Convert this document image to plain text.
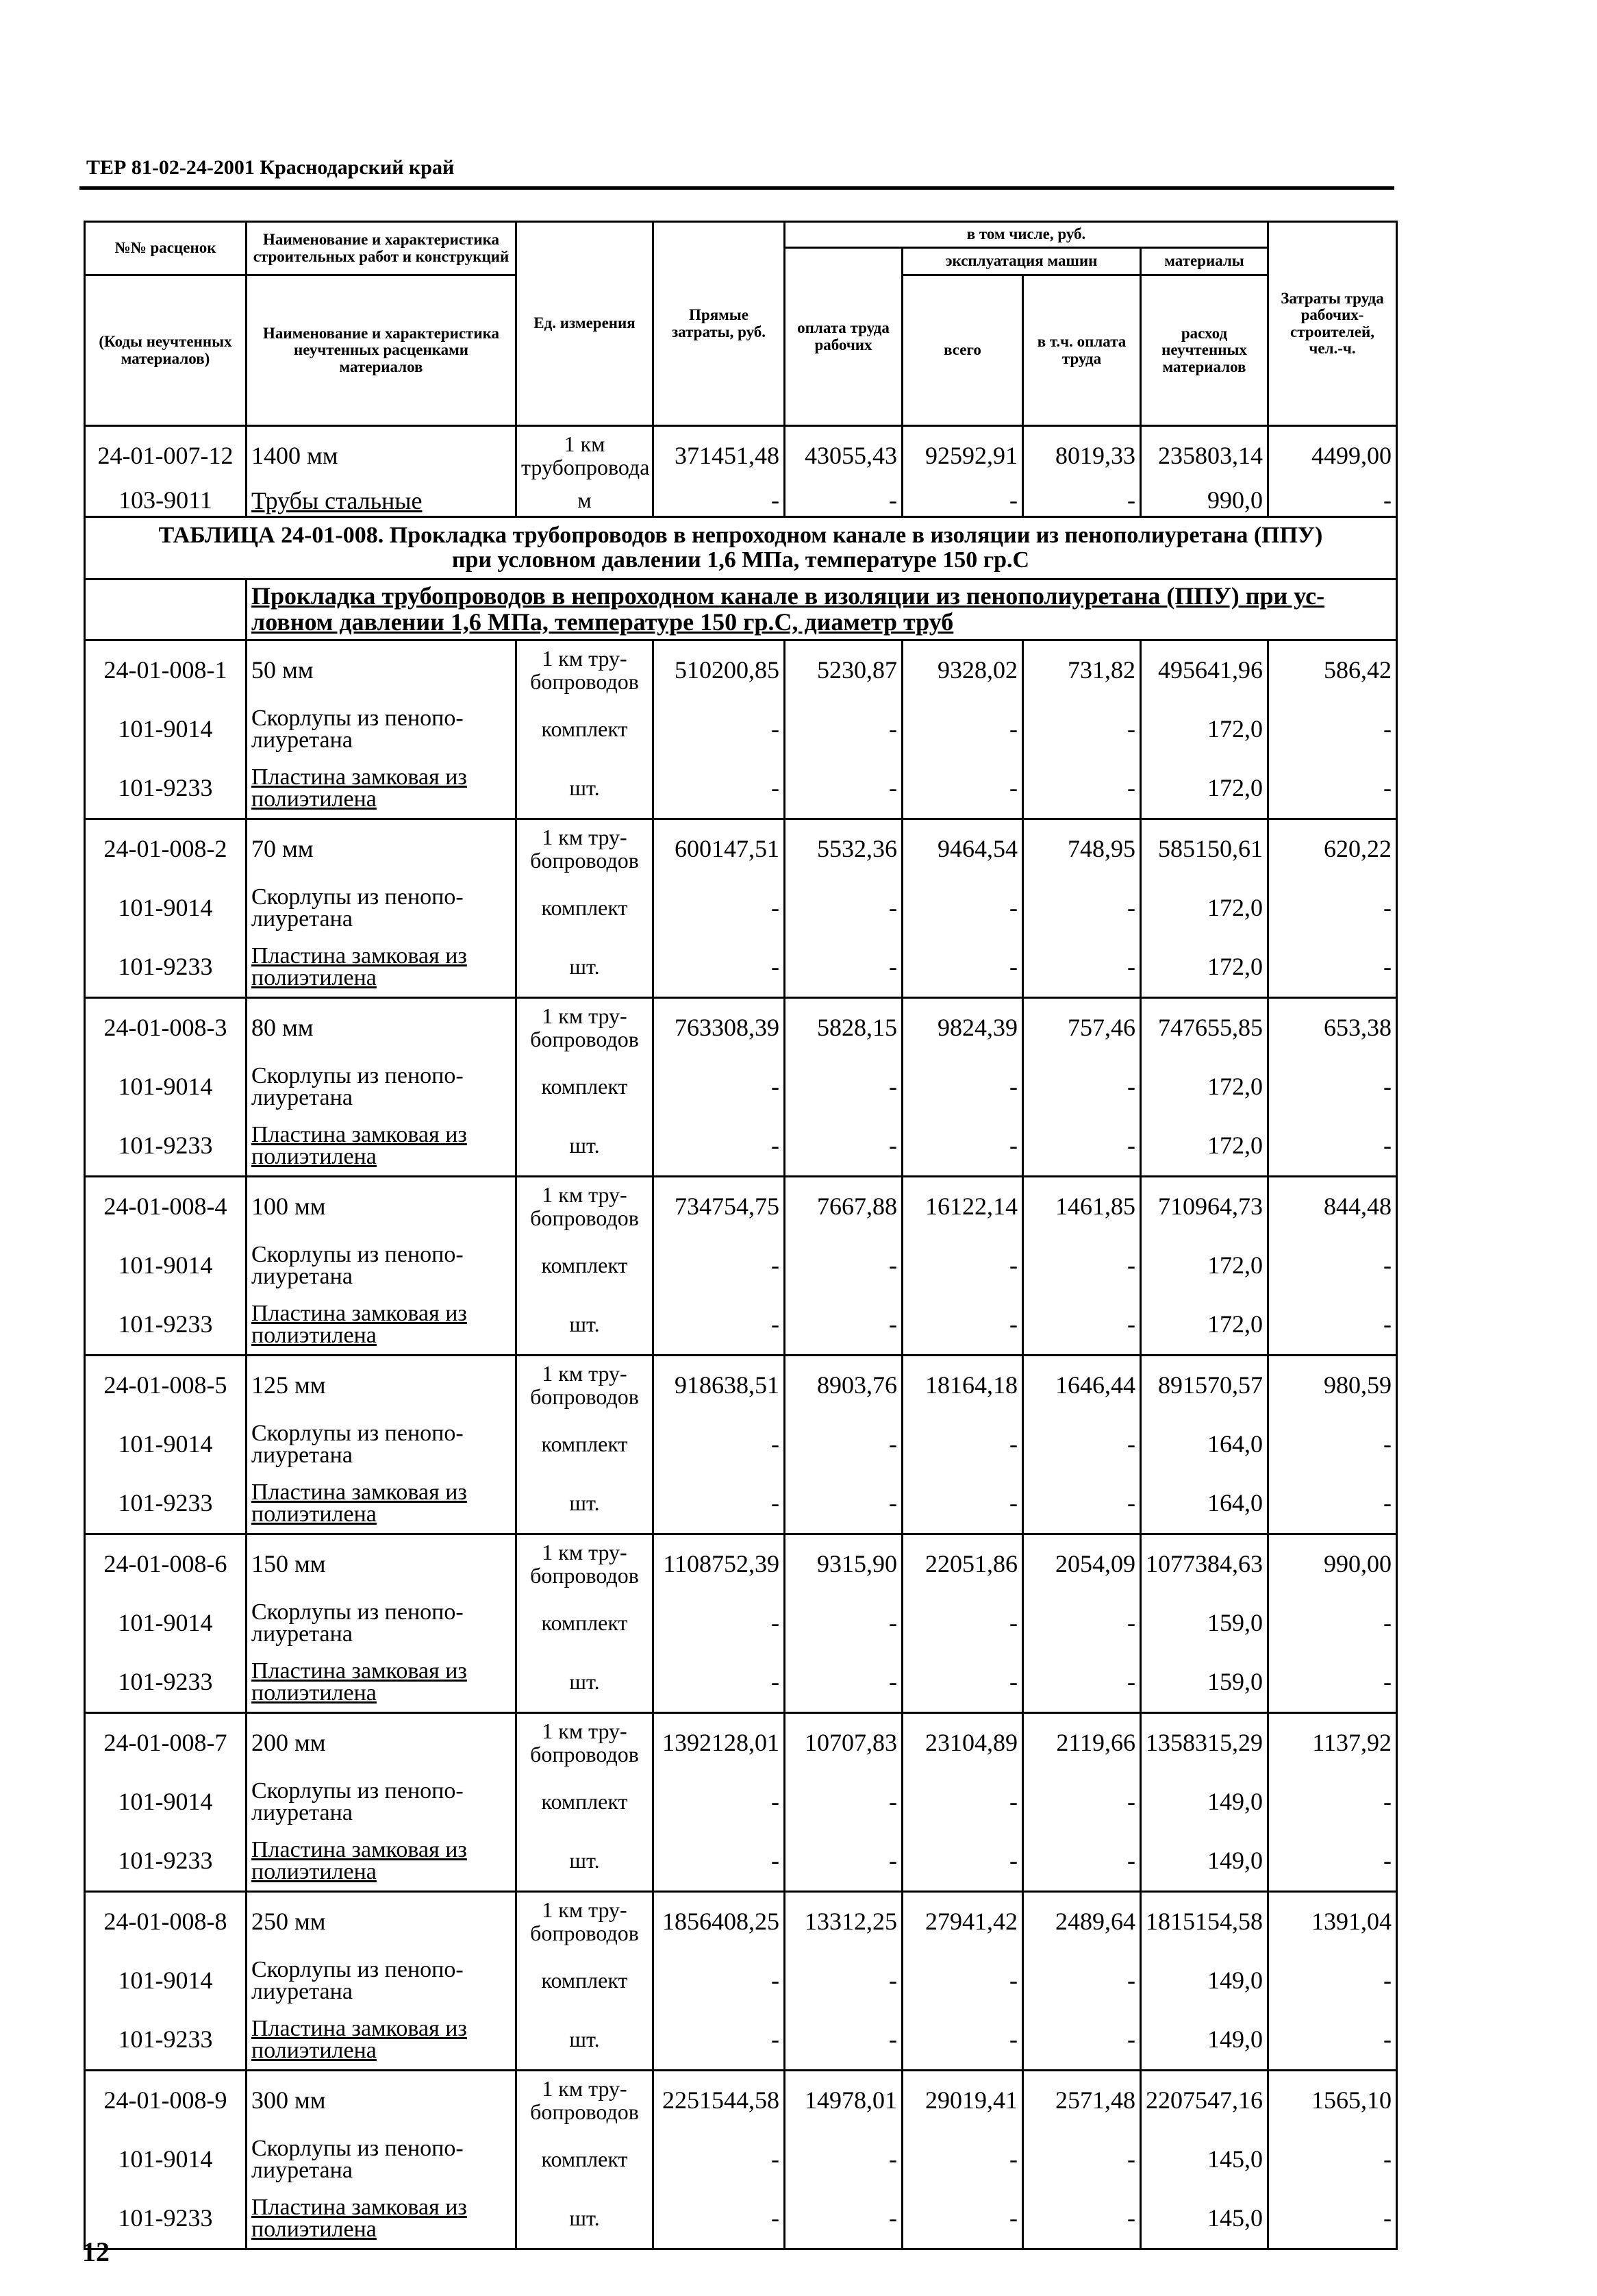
ТЕР 81-02-24-2001 Краснодарский край
№№ расценок	Наименование и характеристика строительных работ и конструкций	Ед. измерения	Прямые затраты, руб.	в том числе, руб.				Затраты труда рабочих-строителей, чел.-ч.
				оплата труда рабочих	эксплуатация машин		материалы	
(Коды неучтенных материалов)	Наименование и характеристика неучтенных расценками материалов				всего	в т.ч. оплата труда	расход неучтенных материалов	

24-01-007-12	1400 мм	1 км трубопровода	371451,48	43055,43	92592,91	8019,33	235803,14	4499,00
103-9011	Трубы стальные	м	-	-	-	-	990,0	-

ТАБЛИЦА 24-01-008. Прокладка трубопроводов в непроходном канале в изоляции из пенополиуретана (ППУ)
при условном давлении 1,6 МПа, температуре 150 гр.С								

	Прокладка трубопроводов в непроходном канале в изоляции из пенополиуретана (ППУ) при ус-
ловном давлении 1,6 МПа, температуре 150 гр.С, диаметр труб							

24-01-008-1	50 мм	1 км тру-
бопроводов	510200,85	5230,87	9328,02	731,82	495641,96	586,42
101-9014	Скорлупы из пенопо-
лиуретана	комплект	-	-	-	-	172,0	-
101-9233	Пластина замковая из
полиэтилена	шт.	-	-	-	-	172,0	-
24-01-008-2	70 мм	1 км тру-
бопроводов	600147,51	5532,36	9464,54	748,95	585150,61	620,22
101-9014	Скорлупы из пенопо-
лиуретана	комплект	-	-	-	-	172,0	-
101-9233	Пластина замковая из
полиэтилена	шт.	-	-	-	-	172,0	-
24-01-008-3	80 мм	1 км тру-
бопроводов	763308,39	5828,15	9824,39	757,46	747655,85	653,38
101-9014	Скорлупы из пенопо-
лиуретана	комплект	-	-	-	-	172,0	-
101-9233	Пластина замковая из
полиэтилена	шт.	-	-	-	-	172,0	-
24-01-008-4	100 мм	1 км тру-
бопроводов	734754,75	7667,88	16122,14	1461,85	710964,73	844,48
101-9014	Скорлупы из пенопо-
лиуретана	комплект	-	-	-	-	172,0	-
101-9233	Пластина замковая из
полиэтилена	шт.	-	-	-	-	172,0	-
24-01-008-5	125 мм	1 км тру-
бопроводов	918638,51	8903,76	18164,18	1646,44	891570,57	980,59
101-9014	Скорлупы из пенопо-
лиуретана	комплект	-	-	-	-	164,0	-
101-9233	Пластина замковая из
полиэтилена	шт.	-	-	-	-	164,0	-
24-01-008-6	150 мм	1 км тру-
бопроводов	1108752,39	9315,90	22051,86	2054,09	1077384,63	990,00
101-9014	Скорлупы из пенопо-
лиуретана	комплект	-	-	-	-	159,0	-
101-9233	Пластина замковая из
полиэтилена	шт.	-	-	-	-	159,0	-
24-01-008-7	200 мм	1 км тру-
бопроводов	1392128,01	10707,83	23104,89	2119,66	1358315,29	1137,92
101-9014	Скорлупы из пенопо-
лиуретана	комплект	-	-	-	-	149,0	-
101-9233	Пластина замковая из
полиэтилена	шт.	-	-	-	-	149,0	-
24-01-008-8	250 мм	1 км тру-
бопроводов	1856408,25	13312,25	27941,42	2489,64	1815154,58	1391,04
101-9014	Скорлупы из пенопо-
лиуретана	комплект	-	-	-	-	149,0	-
101-9233	Пластина замковая из
полиэтилена	шт.	-	-	-	-	149,0	-
24-01-008-9	300 мм	1 км тру-
бопроводов	2251544,58	14978,01	29019,41	2571,48	2207547,16	1565,10
101-9014	Скорлупы из пенопо-
лиуретана	комплект	-	-	-	-	145,0	-
101-9233	Пластина замковая из
полиэтилена	шт.	-	-	-	-	145,0	-
12
